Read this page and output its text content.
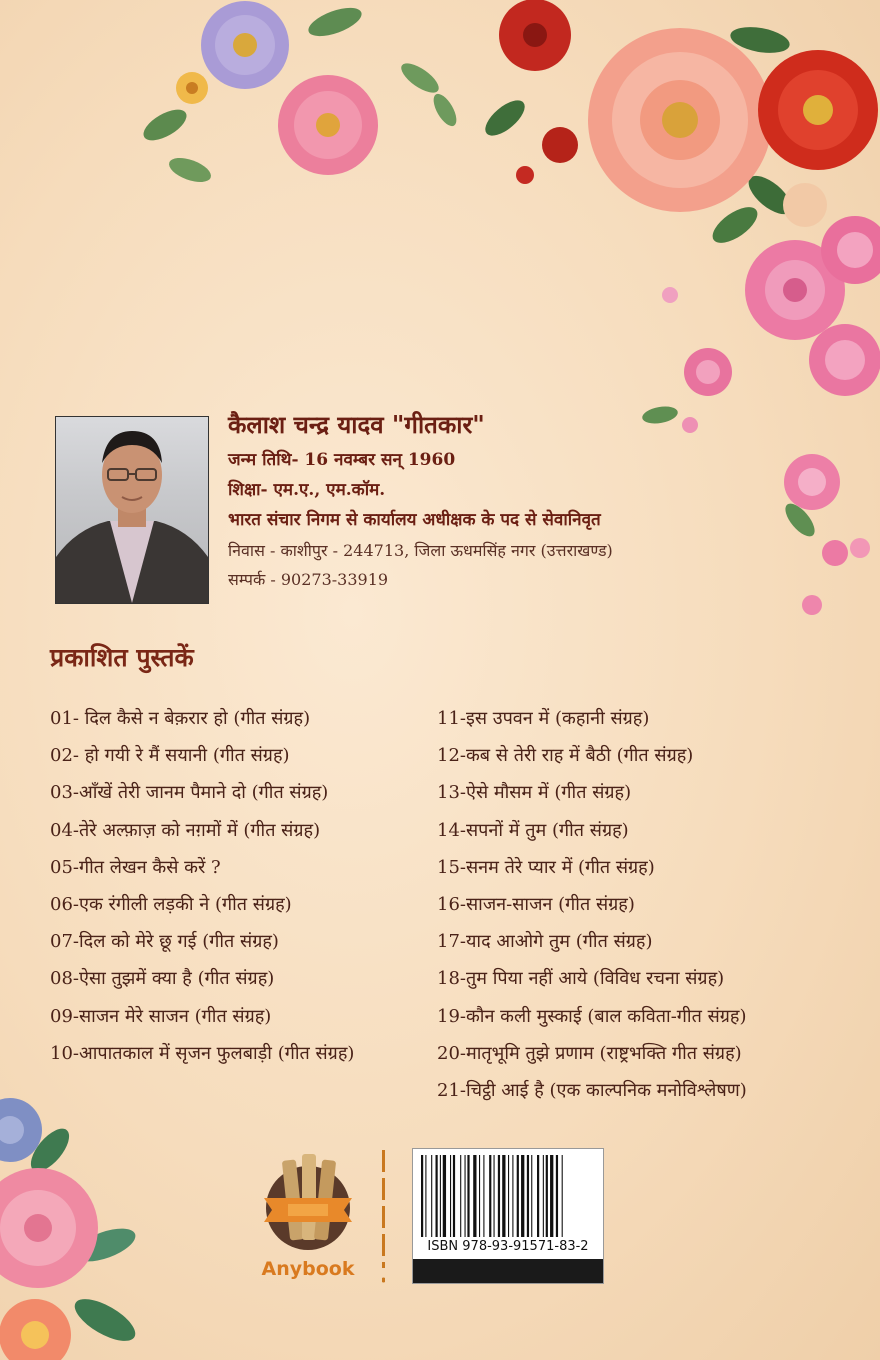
कैलाश चन्द्र यादव "गीतकार"

जन्म तिथि- 16 नवम्बर सन् 1960

शिक्षा- एम.ए., एम.कॉम.

भारत संचार निगम से कार्यालय अधीक्षक के पद से सेवानिवृत

निवास - काशीपुर - 244713, जिला ऊधमसिंह नगर (उत्तराखण्ड)

सम्पर्क - 90273-33919

प्रकाशित पुस्तकें
01- दिल कैसे न बेक़रार हो (गीत संग्रह)
02- हो गयी रे मैं सयानी (गीत संग्रह)
03-आँखें तेरी जानम पैमाने दो (गीत संग्रह)
04-तेरे अल्फ़ाज़ को नग़मों में (गीत संग्रह)
05-गीत लेखन कैसे करें ?
06-एक रंगीली लड़की ने (गीत संग्रह)
07-दिल को मेरे छू गई (गीत संग्रह)
08-ऐसा तुझमें क्या है (गीत संग्रह)
09-साजन मेरे साजन (गीत संग्रह)
10-आपातकाल में सृजन फुलबाड़ी (गीत संग्रह)
11-इस उपवन में (कहानी संग्रह)
12-कब से तेरी राह में बैठी (गीत संग्रह)
13-ऐसे मौसम में (गीत संग्रह)
14-सपनों में तुम (गीत संग्रह)
15-सनम तेरे प्यार में (गीत संग्रह)
16-साजन-साजन (गीत संग्रह)
17-याद आओगे तुम (गीत संग्रह)
18-तुम पिया नहीं आये (विविध रचना संग्रह)
19-कौन कली मुस्काई (बाल कविता-गीत संग्रह)
20-मातृभूमि तुझे प्रणाम (राष्ट्रभक्ति गीत संग्रह)
21-चिट्ठी आई है (एक काल्पनिक मनोविश्लेषण)
Anybook
ISBN 978-93-91571-83-2
